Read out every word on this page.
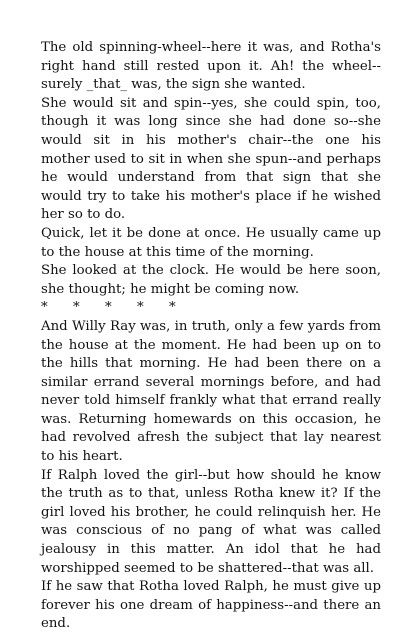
The old spinning-wheel--here it was, and Rotha's right hand still rested upon it. Ah! the wheel--surely _that_ was, the sign she wanted.

She would sit and spin--yes, she could spin, too, though it was long since she had done so--she would sit in his mother's chair--the one his mother used to sit in when she spun--and perhaps he would understand from that sign that she would try to take his mother's place if he wished her so to do.

Quick, let it be done at once. He usually came up to the house at this time of the morning.

She looked at the clock. He would be here soon, she thought; he might be coming now.

*      *      *      *      *

And Willy Ray was, in truth, only a few yards from the house at the moment. He had been up on to the hills that morning. He had been there on a similar errand several mornings before, and had never told himself frankly what that errand really was. Returning homewards on this occasion, he had revolved afresh the subject that lay nearest to his heart.

If Ralph loved the girl--but how should he know the truth as to that, unless Rotha knew it? If the girl loved his brother, he could relinquish her. He was conscious of no pang of what was called jealousy in this matter. An idol that he had worshipped seemed to be shattered--that was all.

If he saw that Rotha loved Ralph, he must give up forever his one dream of happiness--and there an end.
